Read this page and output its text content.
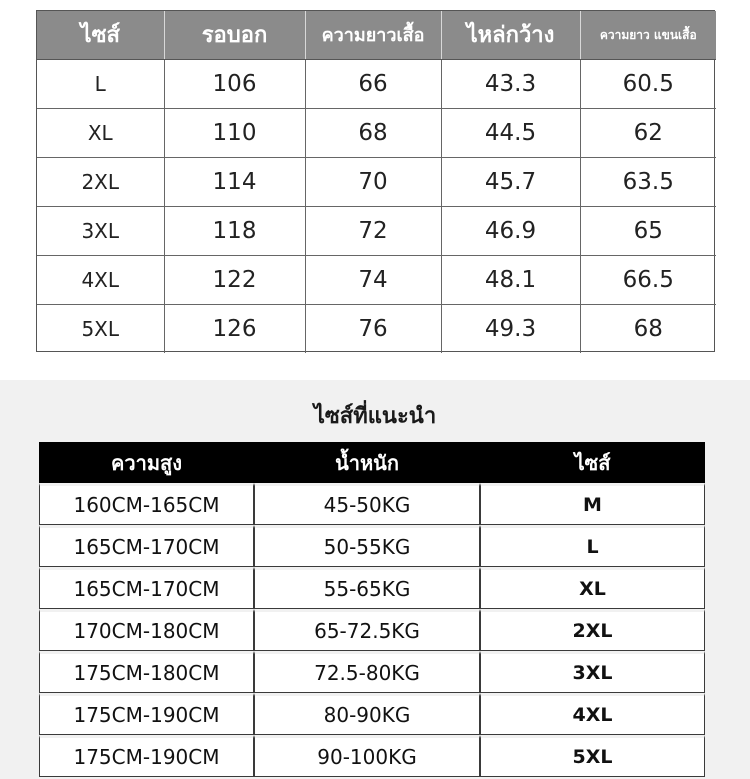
ไซส์	รอบอก	ความยาวเสื้อ	ไหล่กว้าง	ความยาว แขนเสื้อ
L	106	66	43.3	60.5
XL	110	68	44.5	62
2XL	114	70	45.7	63.5
3XL	118	72	46.9	65
4XL	122	74	48.1	66.5
5XL	126	76	49.3	68
ไซส์ที่แนะนำ
ความสูง	น้ำหนัก	ไซส์
160CM-165CM	45-50KG	M
165CM-170CM	50-55KG	L
165CM-170CM	55-65KG	XL
170CM-180CM	65-72.5KG	2XL
175CM-180CM	72.5-80KG	3XL
175CM-190CM	80-90KG	4XL
175CM-190CM	90-100KG	5XL
